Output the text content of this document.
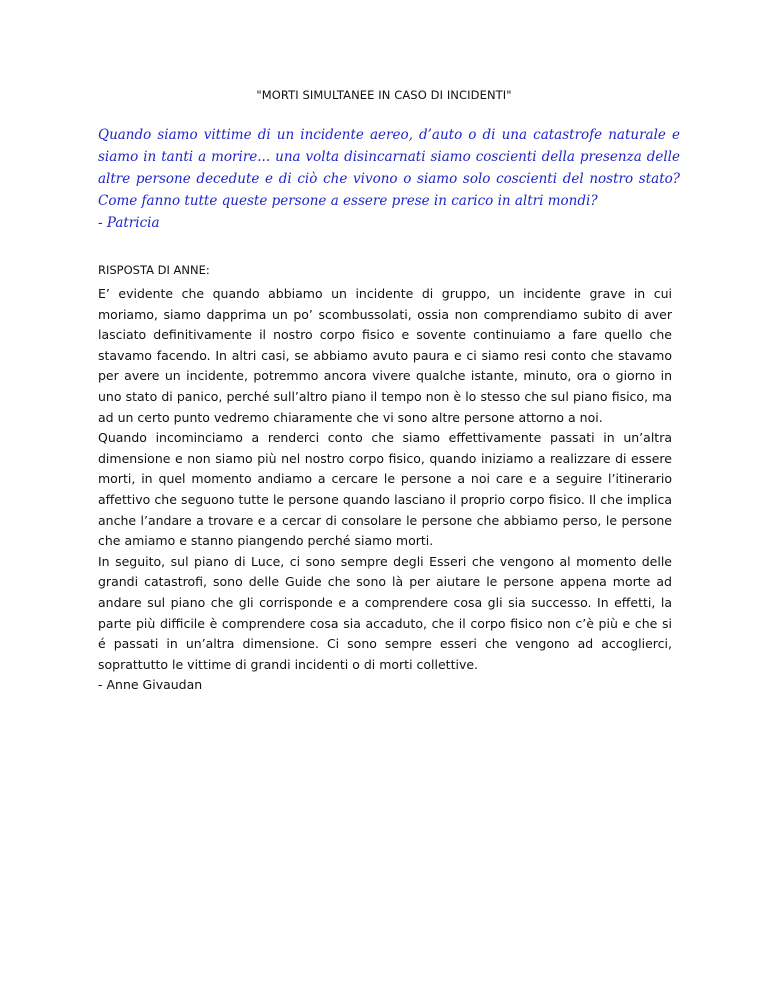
"MORTI SIMULTANEE IN CASO DI INCIDENTI"

Quando siamo vittime di un incidente aereo, d’auto o di una catastrofe naturale e siamo in tanti a morire... una volta disincarnati siamo coscienti della presenza delle altre persone decedute e di ciò che vivono o siamo solo coscienti del nostro stato? Come fanno tutte queste persone a essere prese in carico in altri mondi?

- Patricia

RISPOSTA DI ANNE:

E’ evidente che quando abbiamo un incidente di gruppo, un incidente grave in cui moriamo, siamo dapprima un po’ scombussolati, ossia non comprendiamo subito di aver lasciato definitivamente il nostro corpo fisico e sovente continuiamo a fare quello che stavamo facendo. In altri casi, se abbiamo avuto paura e ci siamo resi conto che stavamo per avere un incidente, potremmo ancora vivere qualche istante, minuto, ora o giorno in uno stato di panico, perché sull’altro piano il tempo non è lo stesso che sul piano fisico, ma ad un certo punto vedremo chiaramente che vi sono altre persone attorno a noi.

Quando incominciamo a renderci conto che siamo effettivamente passati in un’altra dimensione e non siamo più nel nostro corpo fisico, quando iniziamo a realizzare di essere morti, in quel momento andiamo a cercare le persone a noi care e a seguire l’itinerario affettivo che seguono tutte le persone quando lasciano il proprio corpo fisico. Il che implica anche l’andare a trovare e a cercar di consolare le persone che abbiamo perso, le persone che amiamo e stanno piangendo perché siamo morti.

In seguito, sul piano di Luce, ci sono sempre degli Esseri che vengono al momento delle grandi catastrofi, sono delle Guide che sono là per aiutare le persone appena morte ad andare sul piano che gli corrisponde e a comprendere cosa gli sia successo. In effetti, la parte più difficile è comprendere cosa sia accaduto, che il corpo fisico non c’è più e che si é passati in un’altra dimensione. Ci sono sempre esseri che vengono ad accoglierci, soprattutto le vittime di grandi incidenti o di morti collettive.

- Anne Givaudan
